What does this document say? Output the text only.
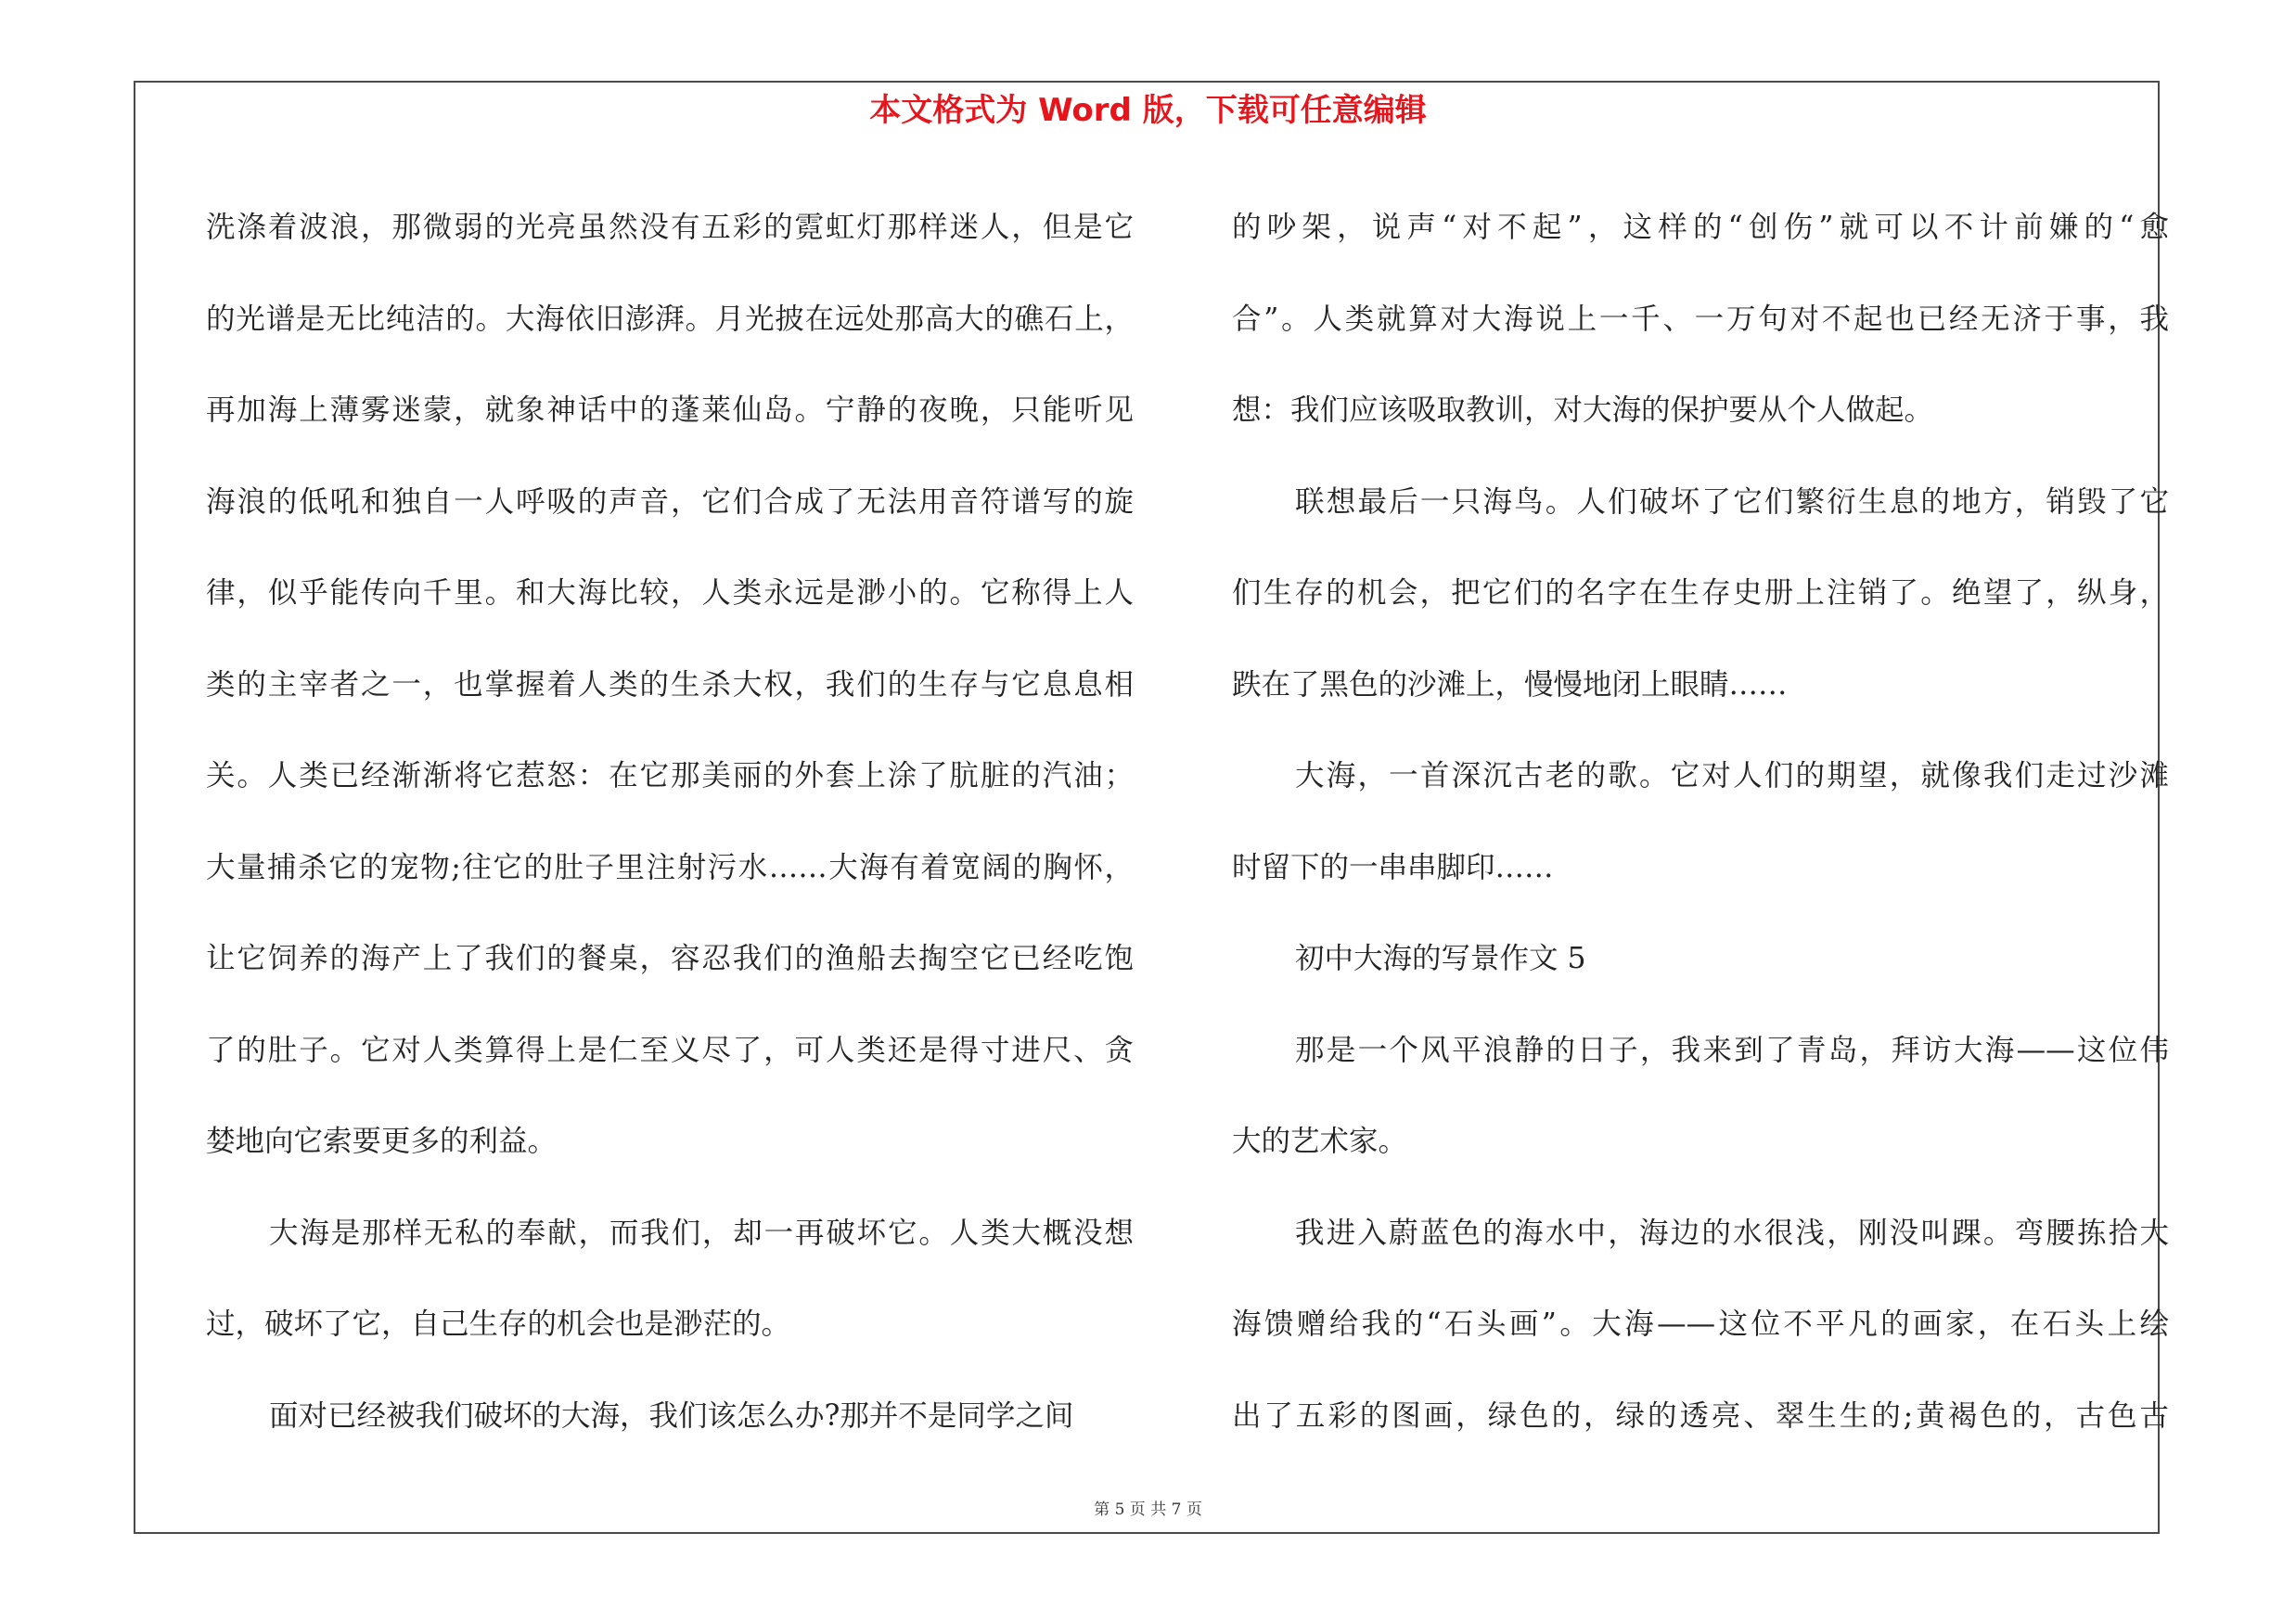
本文格式为 Word 版，下载可任意编辑
洗涤着波浪，那微弱的光亮虽然没有五彩的霓虹灯那样迷人，但是它
的光谱是无比纯洁的。大海依旧澎湃。月光披在远处那高大的礁石上，
再加海上薄雾迷蒙，就象神话中的蓬莱仙岛。宁静的夜晚，只能听见
海浪的低吼和独自一人呼吸的声音，它们合成了无法用音符谱写的旋
律，似乎能传向千里。和大海比较，人类永远是渺小的。它称得上人
类的主宰者之一，也掌握着人类的生杀大权，我们的生存与它息息相
关。人类已经渐渐将它惹怒：在它那美丽的外套上涂了肮脏的汽油；
大量捕杀它的宠物;往它的肚子里注射污水……大海有着宽阔的胸怀，
让它饲养的海产上了我们的餐桌，容忍我们的渔船去掏空它已经吃饱
了的肚子。它对人类算得上是仁至义尽了，可人类还是得寸进尺、贪
婪地向它索要更多的利益。
大海是那样无私的奉献，而我们，却一再破坏它。人类大概没想
过，破坏了它，自己生存的机会也是渺茫的。
面对已经被我们破坏的大海，我们该怎么办?那并不是同学之间
的吵架，说声“对不起”，这样的“创伤”就可以不计前嫌的“愈
合”。人类就算对大海说上一千、一万句对不起也已经无济于事，我
想：我们应该吸取教训，对大海的保护要从个人做起。
联想最后一只海鸟。人们破坏了它们繁衍生息的地方，销毁了它
们生存的机会，把它们的名字在生存史册上注销了。绝望了，纵身，
跌在了黑色的沙滩上，慢慢地闭上眼睛……
大海，一首深沉古老的歌。它对人们的期望，就像我们走过沙滩
时留下的一串串脚印……
初中大海的写景作文 5
那是一个风平浪静的日子，我来到了青岛，拜访大海——这位伟
大的艺术家。
我进入蔚蓝色的海水中，海边的水很浅，刚没叫踝。弯腰拣拾大
海馈赠给我的“石头画”。大海——这位不平凡的画家，在石头上绘
出了五彩的图画，绿色的，绿的透亮、翠生生的;黄褐色的，古色古
第 5 页 共 7 页
